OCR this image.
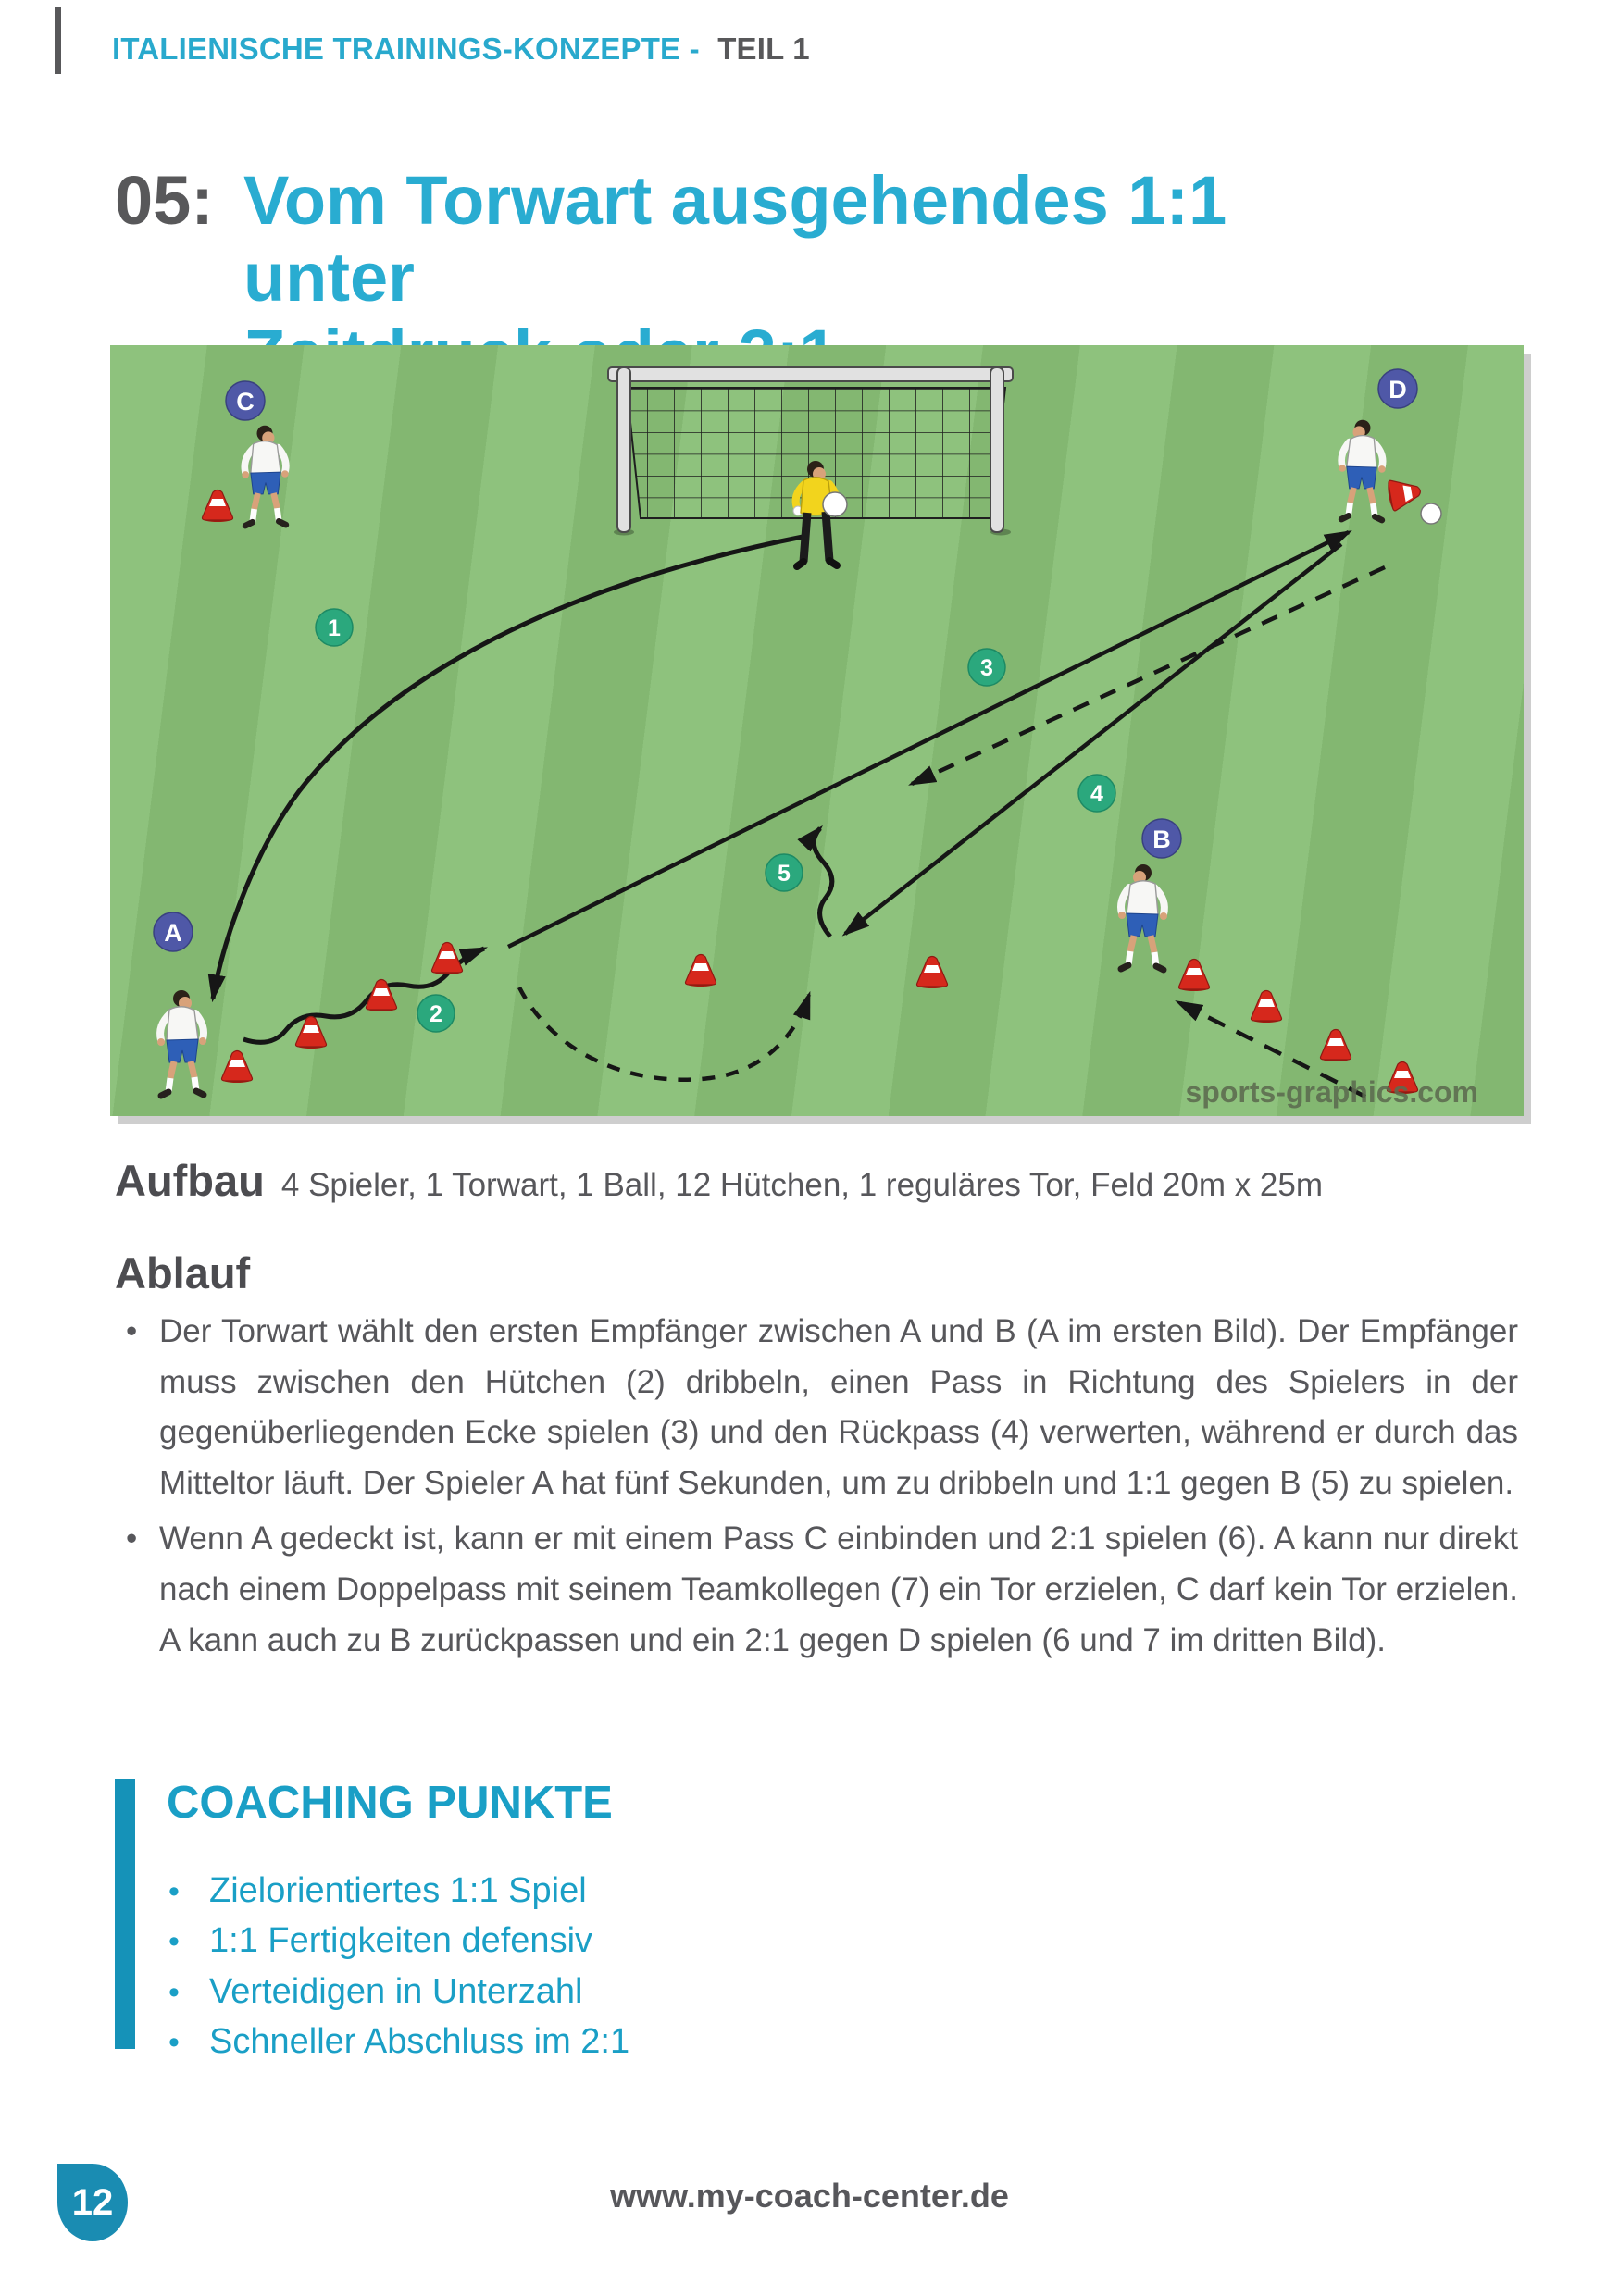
ITALIENISCHE TRAININGS-KONZEPTE - TEIL 1
05: Vom Torwart ausgehendes 1:1 unter

A
B
C	D
1
2
3
4
5
sports-graphics.com
Aufbau 4 Spieler, 1 Torwart, 1 Ball, 12 Hütchen, 1 reguläres Tor, Feld 20m x 25m
Ablauf
• Der Torwart wählt den ersten Empfänger zwischen A und B (A im ersten Bild). Der Empfänger muss zwischen den Hütchen (2) dribbeln, einen Pass in Richtung des Spielers in der gegenüberliegenden Ecke spielen (3) und den Rückpass (4) verwerten, während er durch das Mitteltor läuft. Der Spieler A hat fünf Sekunden, um zu dribbeln und 1:1 gegen B (5) zu spielen.

• Wenn A gedeckt ist, kann er mit einem Pass C einbinden und 2:1 spielen (6). A kann nur direkt nach einem Doppelpass mit seinem Teamkollegen (7) ein Tor erzielen, C darf kein Tor erzielen. A kann auch zu B zurückpassen und ein 2:1 gegen D spielen (6 und 7 im dritten Bild).

COACHING PUNKTE
• Zielorientiertes 1:1 Spiel
• 1:1 Fertigkeiten defensiv
• Verteidigen in Unterzahl
• Schneller Abschluss im 2:1
12	www.my-coach-center.de
